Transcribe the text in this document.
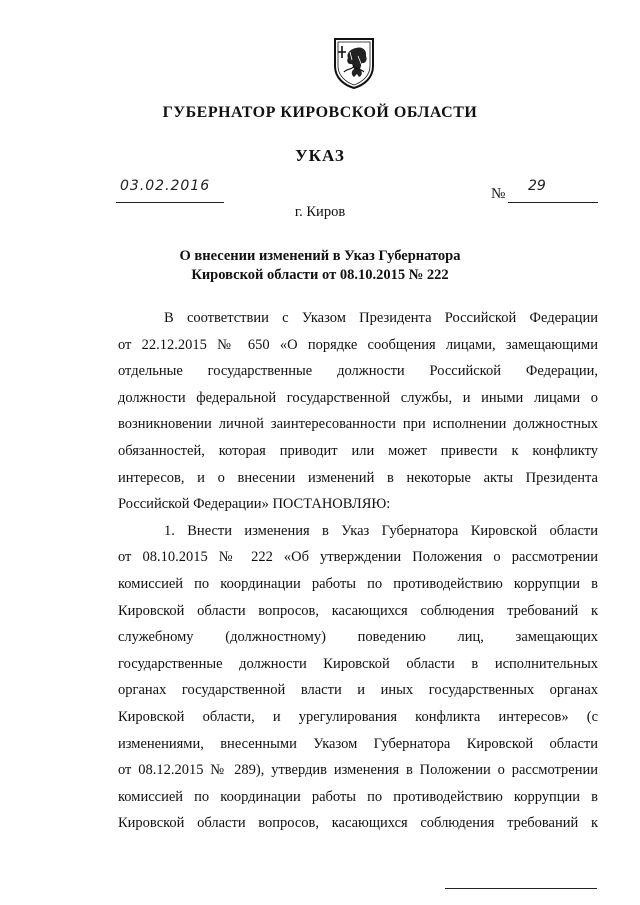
ГУБЕРНАТОР КИРОВСКОЙ ОБЛАСТИ
УКАЗ
03.02.2016	№ 29
г. Киров
О внесении изменений в Указ Губернатора
Кировской области от 08.10.2015 № 222
В соответствии с Указом Президента Российской Федерации
от 22.12.2015 № 650 «О порядке сообщения лицами, замещающими
отдельные государственные должности Российской Федерации,
должности федеральной государственной службы, и иными лицами о
возникновении личной заинтересованности при исполнении должностных
обязанностей, которая приводит или может привести к конфликту
интересов, и о внесении изменений в некоторые акты Президента
Российской Федерации» ПОСТАНОВЛЯЮ:
1. Внести изменения в Указ Губернатора Кировской области
от 08.10.2015 № 222 «Об утверждении Положения о рассмотрении
комиссией по координации работы по противодействию коррупции в
Кировской области вопросов, касающихся соблюдения требований к
служебному (должностному) поведению лиц, замещающих
государственные должности Кировской области в исполнительных
органах государственной власти и иных государственных органах
Кировской области, и урегулирования конфликта интересов» (с
изменениями, внесенными Указом Губернатора Кировской области
от 08.12.2015 № 289), утвердив изменения в Положении о рассмотрении
комиссией по координации работы по противодействию коррупции в
Кировской области вопросов, касающихся соблюдения требований к
